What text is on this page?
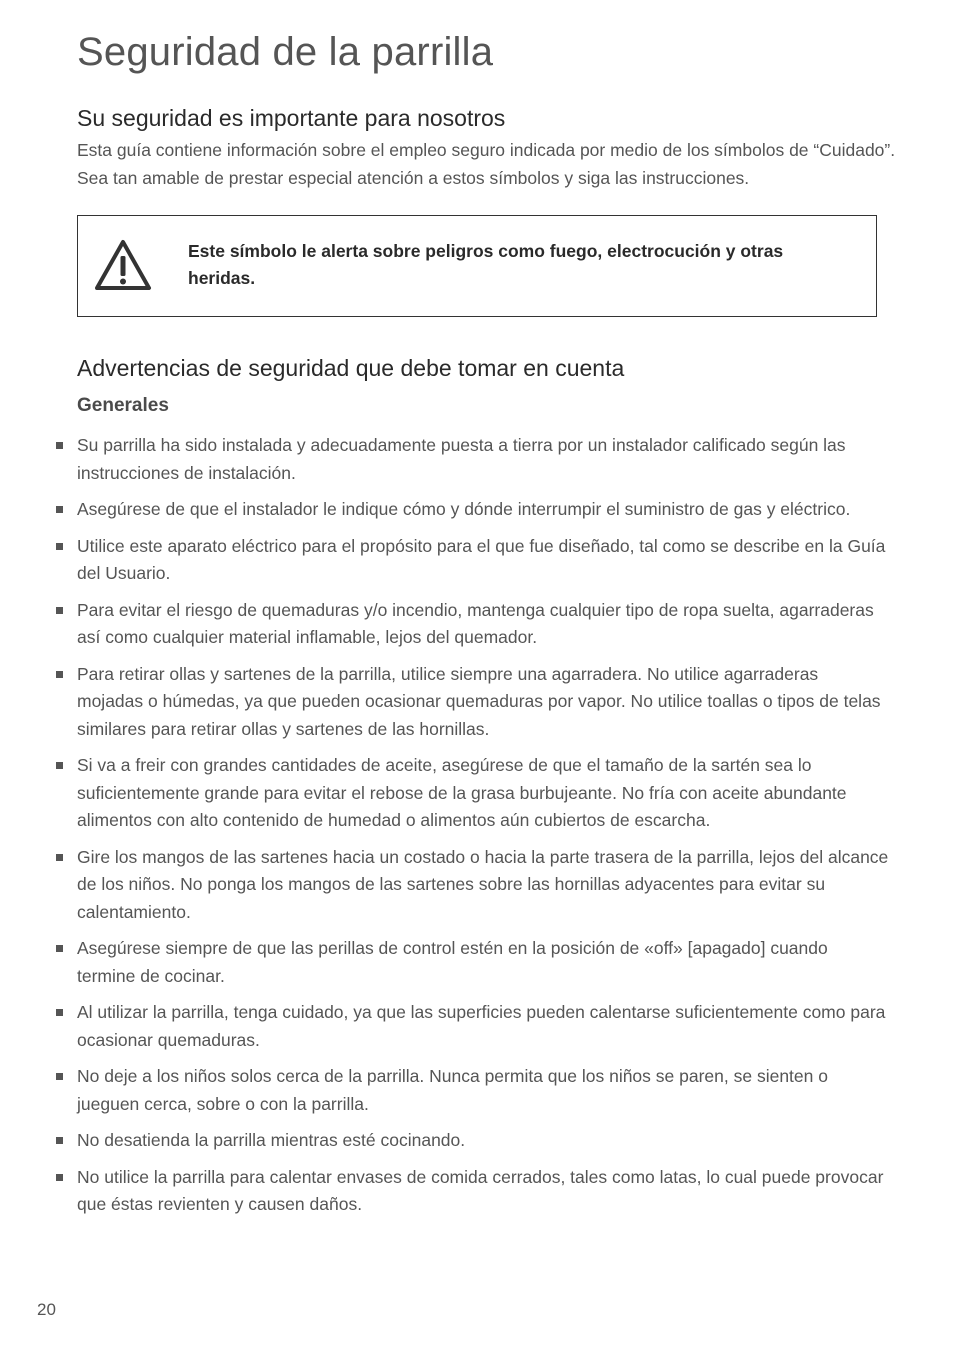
Seguridad de la parrilla
Su seguridad es importante para nosotros

Esta guía contiene información sobre el empleo seguro indicada por medio de los símbolos de “Cuidado”. Sea tan amable de prestar especial atención a estos símbolos y siga las instrucciones.

Este símbolo le alerta sobre peligros como fuego, electrocución y otras heridas.

Advertencias de seguridad que debe tomar en cuenta
Generales
Su parrilla ha sido instalada y adecuadamente puesta a tierra por un instalador calificado según las instrucciones de instalación.
Asegúrese de que el instalador le indique cómo y dónde interrumpir el suministro de gas y eléctrico.
Utilice este aparato eléctrico para el propósito para el que fue diseñado, tal como se describe en la Guía del Usuario.
Para evitar el riesgo de quemaduras y/o incendio, mantenga cualquier tipo de ropa suelta, agarraderas así como cualquier material inflamable, lejos del quemador.
Para retirar ollas y sartenes de la parrilla, utilice siempre una agarradera. No utilice agarraderas mojadas o húmedas, ya que pueden ocasionar quemaduras por vapor. No utilice toallas o tipos de telas similares para retirar ollas y sartenes de las hornillas.
Si va a freir con grandes cantidades de aceite, asegúrese de que el tamaño de la sartén sea lo suficientemente grande para evitar el rebose de la grasa burbujeante. No fría con aceite abundante alimentos con alto contenido de humedad o alimentos aún cubiertos de escarcha.
Gire los mangos de las sartenes hacia un costado o hacia la parte trasera de la parrilla, lejos del alcance de los niños. No ponga los mangos de las sartenes sobre las hornillas adyacentes para evitar su calentamiento.
Asegúrese siempre de que las perillas de control estén en la posición de «off» [apagado] cuando termine de cocinar.
Al utilizar la parrilla, tenga cuidado, ya que las superficies pueden calentarse suficientemente como para ocasionar quemaduras.
No deje a los niños solos cerca de la parrilla. Nunca permita que los niños se paren, se sienten o jueguen cerca, sobre o con la parrilla.
No desatienda la parrilla mientras esté cocinando.
No utilice la parrilla para calentar envases de comida cerrados, tales como latas, lo cual puede provocar que éstas revienten y causen daños.

20
